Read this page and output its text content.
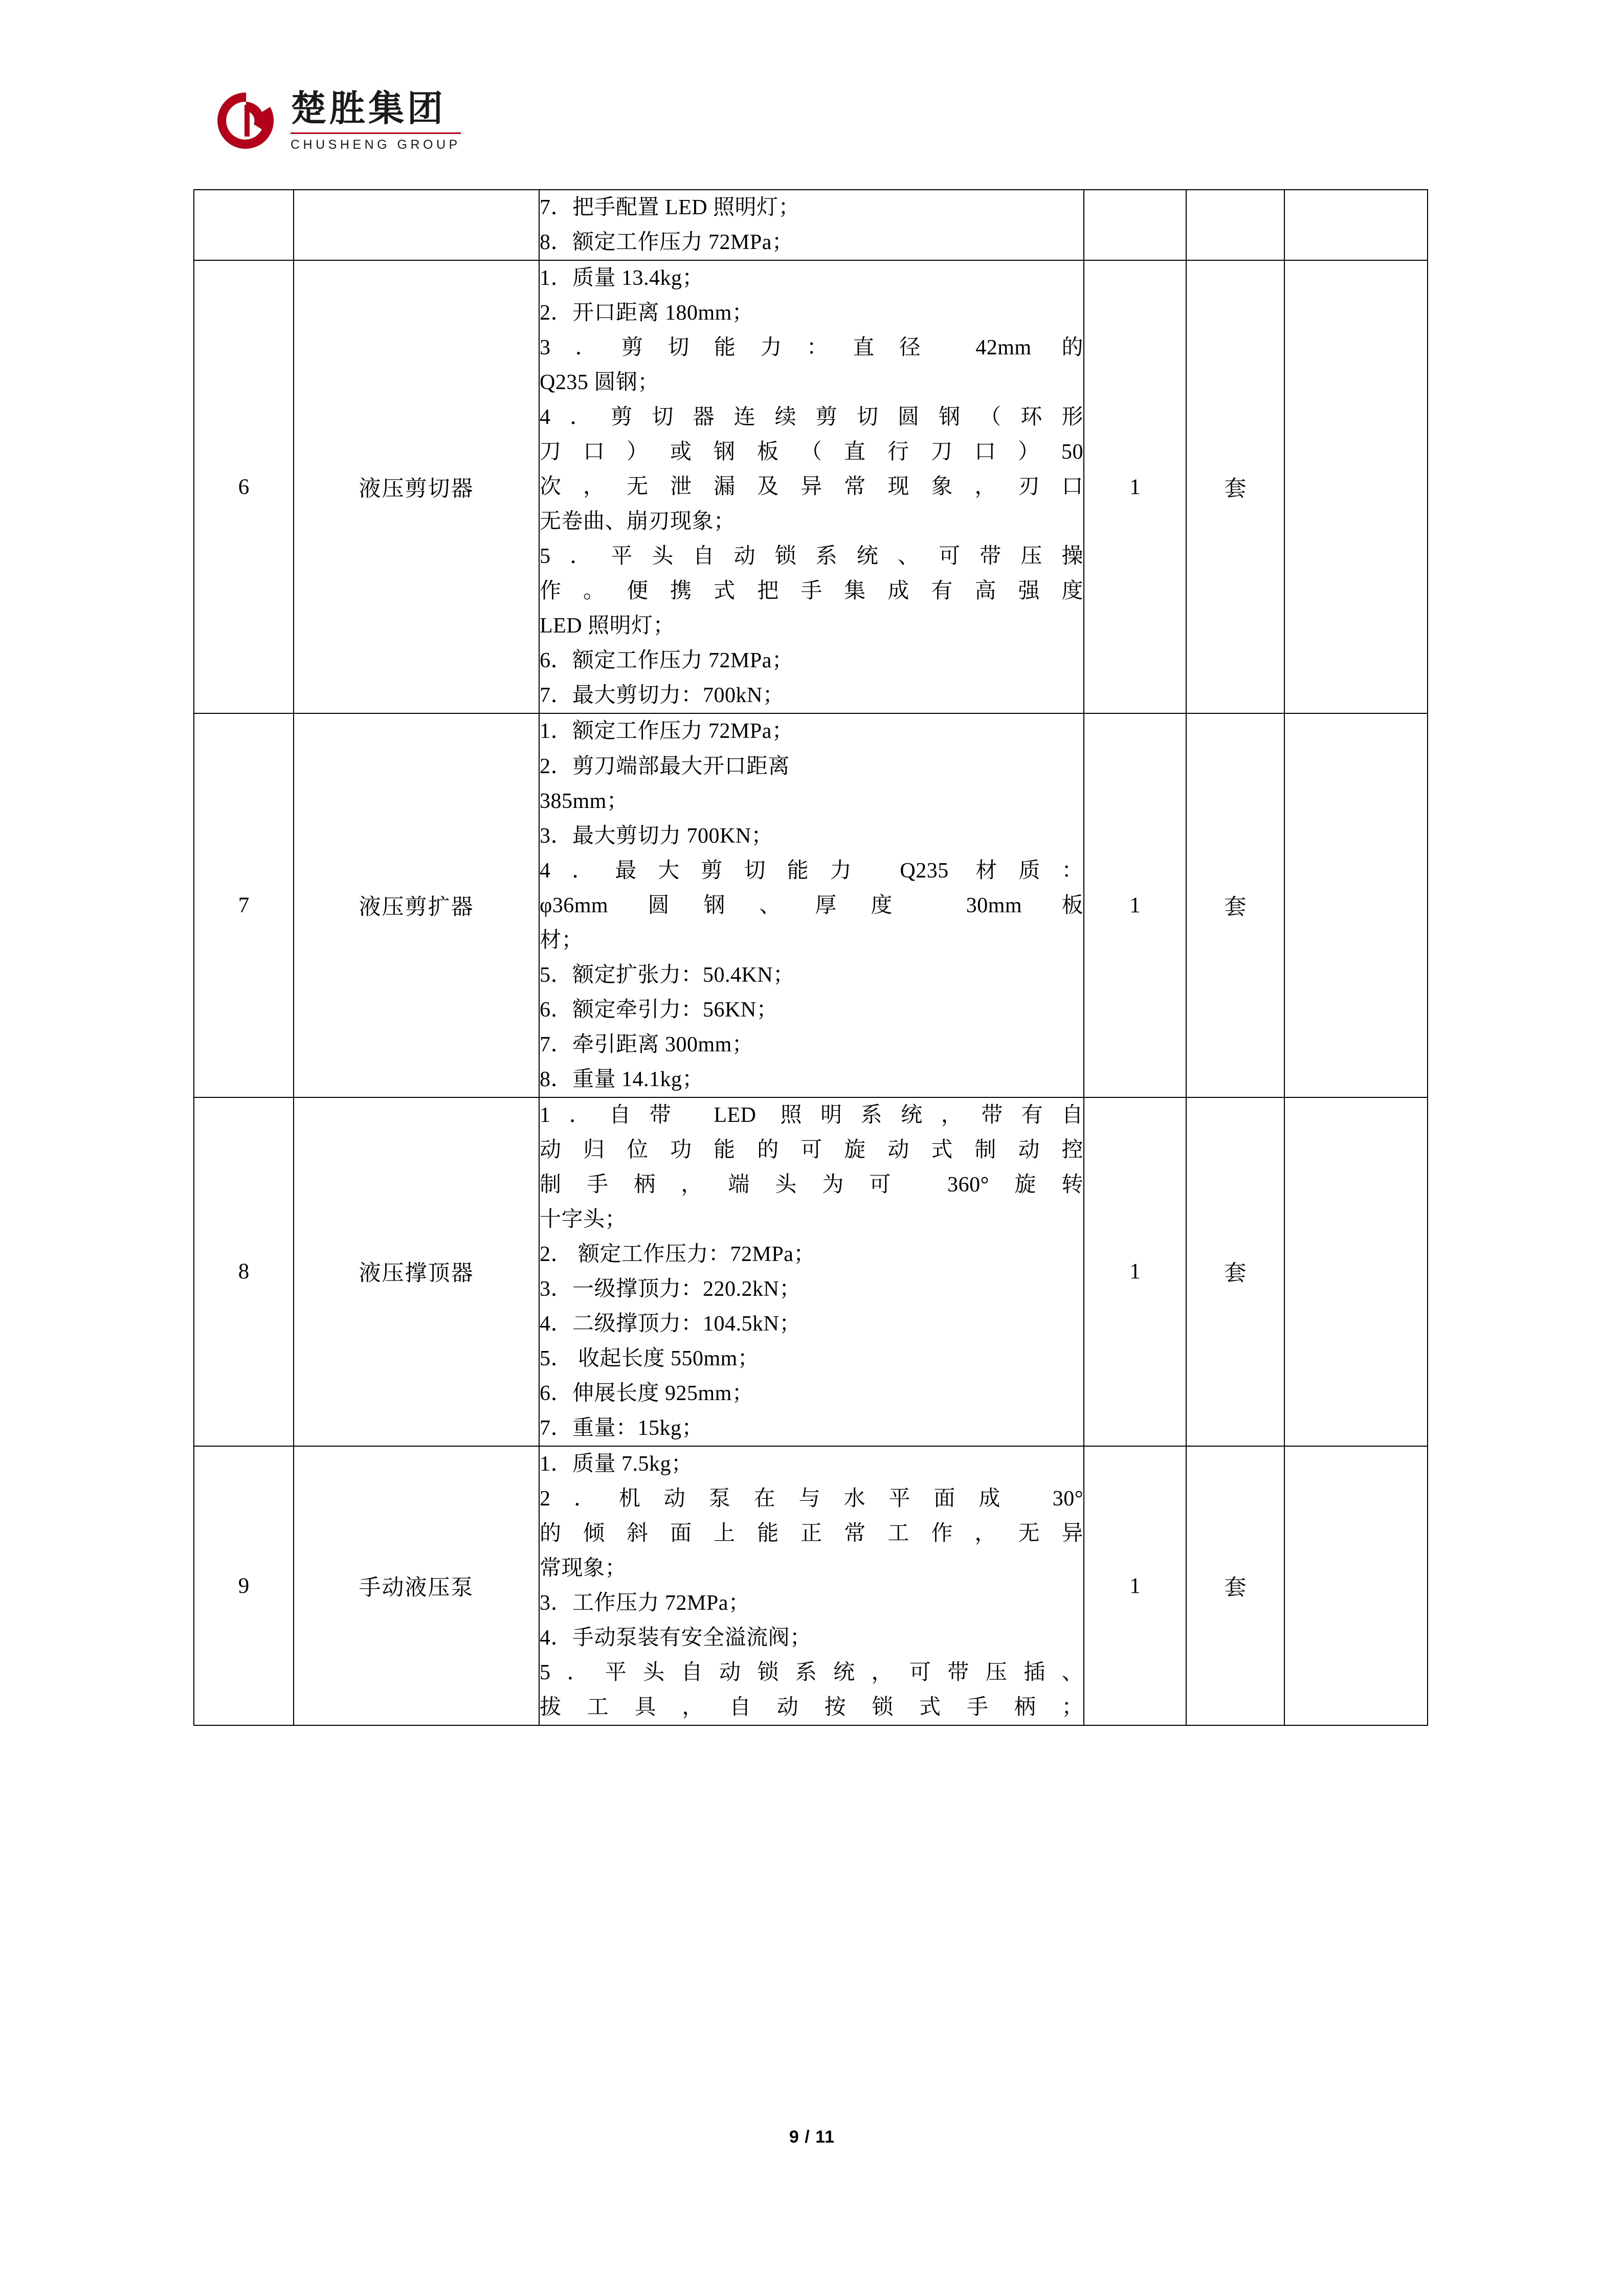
楚胜集团
CHUSHENG GROUP

		7．把手配置 LED 照明灯；
8．额定工作压力 72MPa；			

6	液压剪切器	
1．质量 13.4kg；
2．开口距离 180mm；
3．剪切能力：直径 42mm 的
Q235 圆钢；
4．剪切器连续剪切圆钢（环形
刀口）或钢板（直行刀口）50
次，无泄漏及异常现象，刃口
无卷曲、崩刃现象；
5．平头自动锁系统、可带压操
作。便携式把手集成有高强度
LED 照明灯；
6．额定工作压力 72MPa；
7．最大剪切力：700kN；
	1	套	
7	液压剪扩器	
1．额定工作压力 72MPa；
2．剪刀端部最大开口距离
385mm；
3．最大剪切力 700KN；
4．最大剪切能力 Q235 材质：
φ36mm 圆钢、厚度 30mm 板
材；
5．额定扩张力：50.4KN；
6．额定牵引力：56KN；
7．牵引距离 300mm；
8．重量 14.1kg；
	1	套	
8	液压撑顶器	
1．自带 LED 照明系统，带有自
动归位功能的可旋动式制动控
制手柄，端头为可 360°旋转
十字头；
2． 额定工作压力：72MPa；
3．一级撑顶力：220.2kN；
4．二级撑顶力：104.5kN；
5． 收起长度 550mm；
6．伸展长度 925mm；
7．重量：15kg；
	1	套	
9	手动液压泵	
1．质量 7.5kg；
2．机动泵在与水平面成 30°
的倾斜面上能正常工作，无异
常现象；
3．工作压力 72MPa；
4．手动泵装有安全溢流阀；
5．平头自动锁系统，可带压插、
拔工具，自动按锁式手柄；
	1	套	
9 / 11
